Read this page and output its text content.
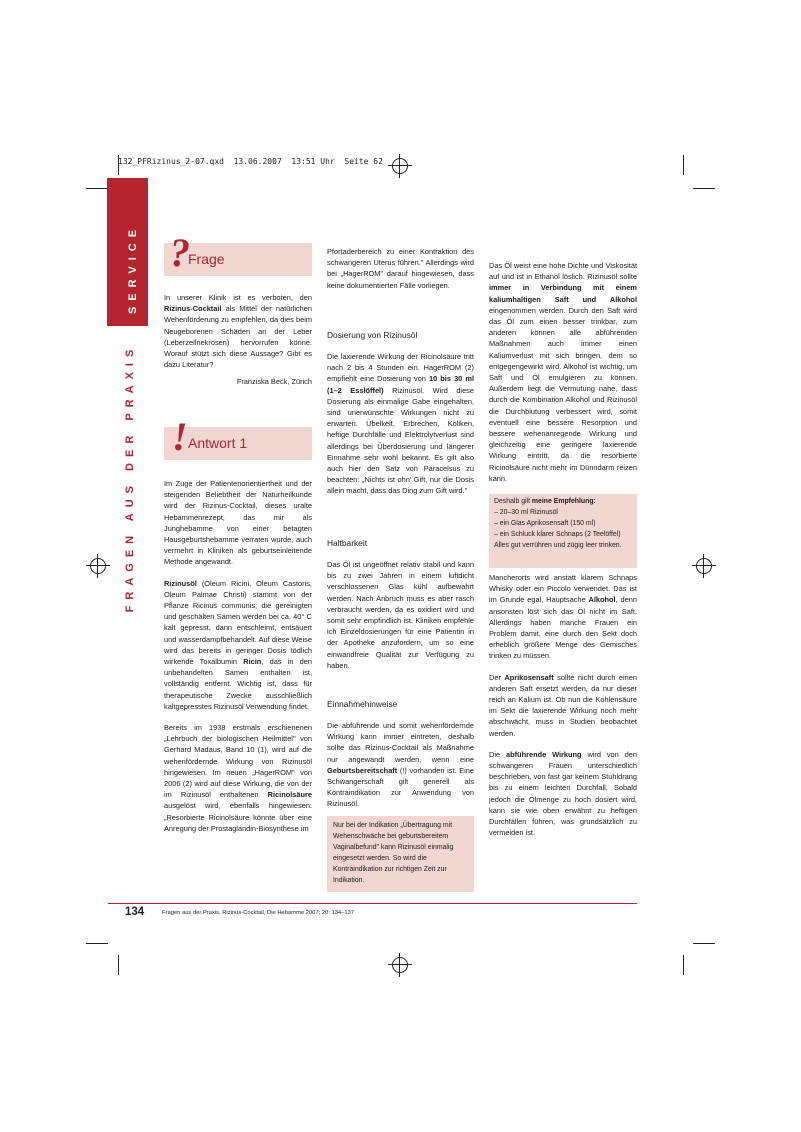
132_PFRizinus_2-07.qxd  13.06.2007  13:51 Uhr  Seite 62
SERVICE
FRAGEN AUS DER PRAXIS
?
Frage

In unserer Klinik ist es verboten, den Rizinus-Cocktail als Mittel der natürlichen Wehenförderung zu empfehlen, da dies beim Neugeborenen Schäden an der Leber (Leberzellnekrosen) hervorrufen könne. Worauf stützt sich diese Aussage? Gibt es dazu Literatur?

Franziska Beck, Zürich

! Antwort 1

Im Zuge der Patientenorientiertheit und der steigenden Beliebtheit der Naturheilkunde wird der Rizinus-Cocktail, dieses uralte Hebammenrezept, das mir als Junghebamme von einer betagten Hausgeburtshebamme verraten wurde, auch vermehrt in Kliniken als geburtseinleitende Methode angewandt.

Rizinusöl (Oleum Ricini, Oleum Castoris, Oleum Palmae Christi) stammt von der Pflanze Ricinus communis; die gereinigten und geschälten Samen werden bei ca. 40° C kalt gepresst, dann entschleimt, entsäuert und wasserdampfbehandelt. Auf diese Weise wird das bereits in geringer Dosis tödlich wirkende Toxalbumin Ricin, das in den unbehandelten Samen enthalten ist, vollständig entfernt. Wichtig ist, dass für therapeutische Zwecke ausschließlich kaltgepresstes Rizinusöl Verwendung findet.

Bereits im 1938 erstmals erschienenen „Lehrbuch der biologischen Heilmittel" von Gerhard Madaus, Band 10 (1), wird auf die wehenfördernde Wirkung von Rizinusöl hingewiesen. Im neuen „HagerROM" von 2006 (2) wird auf diese Wirkung, die von der im Rizinusöl enthaltenen Ricinolsäure ausgelöst wird, ebenfalls hingewiesen: „Resorbierte Ricinolsäure könnte über eine Anregung der Prostaglandin-Biosynthese im

Pfortaderbereich zu einer Kontraktion des schwangeren Uterus führen." Allerdings wird bei „HagerROM" darauf hingewiesen, dass keine dokumentierten Fälle vorliegen.

Dosierung von Rizinusöl

Die laxierende Wirkung der Ricinolsäure tritt nach 2 bis 4 Stunden ein. HagerROM (2) empfiehlt eine Dosierung von 10 bis 30 ml (1–2 Esslöffel) Rizinusöl. Wird diese Dosierung als einmalige Gabe eingehalten, sind unerwünschte Wirkungen nicht zu erwarten. Übelkeit, Erbrechen, Koliken, heftige Durchfälle und Elektrolytverlust sind allerdings bei Überdosierung und längerer Einnahme sehr wohl bekannt. Es gilt also auch hier den Satz von Paracelsus zu beachten: „Nichts ist ohn' Gift, nur die Dosis allein macht, dass das Ding zum Gift wird."

Haltbarkeit

Das Öl ist ungeöffnet relativ stabil und kann bis zu zwei Jahren in einem luftdicht verschlossenen Glas kühl aufbewahrt werden. Nach Anbruch muss es aber rasch verbraucht werden, da es oxidiert wird und somit sehr empfindlich ist. Kliniken empfehle ich Einzeldosierungen für eine Patientin in der Apotheke anzufordern, um so eine einwandfreie Qualität zur Verfügung zu haben.

Einnahmehinweise

Die abführende und somit wehenfördernde Wirkung kann immer eintreten, deshalb sollte das Rizinus-Cocktail als Maßnahme nur angewandt werden, wenn eine Geburtsbereitschaft (!) vorhanden ist. Eine Schwangerschaft gilt generell als Kontraindikation zur Anwendung von Rizinusöl.

Nur bei der Indikation „Übertragung mit Wehenschwäche bei geburtsbereitem Vaginalbefund" kann Rizinusöl einmalig eingesetzt werden. So wird die Kontraindikation zur richtigen Zeit zur Indikation.

Das Öl weist eine hohe Dichte und Viskosität auf und ist in Ethanol löslich. Rizinusöl sollte immer in Verbindung mit einem kaliumhaltigen Saft und Alkohol eingenommen werden. Durch den Saft wird das Öl zum einen besser trinkbar, zum anderen können alle abführenden Maßnahmen auch immer einen Kaliumverlust mit sich bringen, dem so entgegengewirkt wird. Alkohol ist wichtig, um Saft und Öl emulgieren zu können. Außerdem liegt die Vermutung nahe, dass durch die Kombination Alkohol und Rizinusöl die Durchblutung verbessert wird, somit eventuell eine bessere Resorption und bessere wehenanregende Wirkung und gleichzeitig eine geringere laxierende Wirkung eintritt, da die resorbierte Ricinolsäure nicht mehr im Dünndarm reizen kann.

Deshalb gilt meine Empfehlung:
– 20–30 ml Rizinusöl
– ein Glas Aprikosensaft (150 ml)
– ein Schluck klarer Schnaps (2 Teelöffel)
Alles gut verrühren und zügig leer trinken.

Mancherorts wird anstatt klarem Schnaps Whisky oder ein Piccolo verwendet. Das ist im Grunde egal, Hauptsache Alkohol, denn ansonsten löst sich das Öl nicht im Saft. Allerdings haben manche Frauen ein Problem damit, eine durch den Sekt doch erheblich größere Menge des Gemisches trinken zu müssen.

Der Aprikosensaft sollte nicht durch einen anderen Saft ersetzt werden, da nur dieser reich an Kalium ist. Ob nun die Kohlensäure im Sekt die laxierende Wirkung noch mehr abschwächt, muss in Studien beobachtet werden.

Die abführende Wirkung wird von den schwangeren Frauen unterschiedlich beschrieben, von fast gar keinem Stuhldrang bis zu einem leichten Durchfall. Sobald jedoch die Ölmenge zu hoch dosiert wird, kann sie wie oben erwähnt zu heftigen Durchfällen führen, was grundsätzlich zu vermeiden ist.

134	Fragen aus der Praxis, Rizinus-Cocktail, Die Hebamme 2007; 20: 134–137
